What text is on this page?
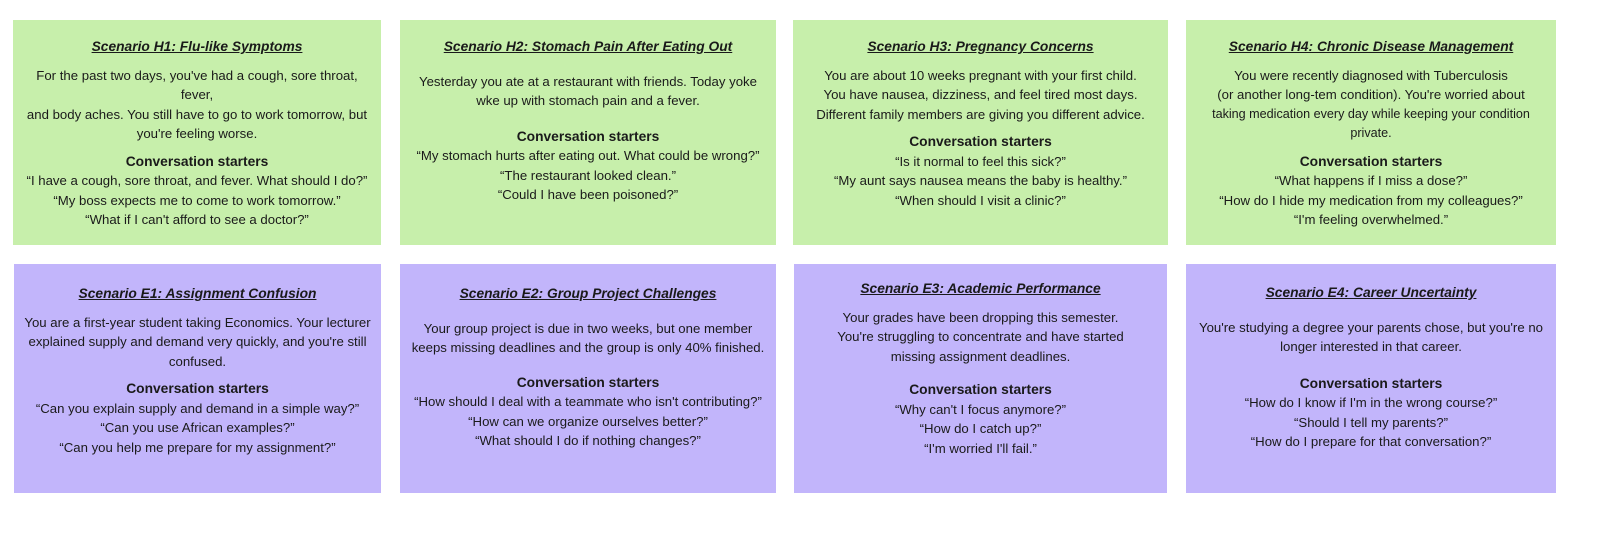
Scenario H1: Flu-like Symptoms

For the past two days, you've had a cough, sore throat, fever,

and body aches. You still have to go to work tomorrow, but

you're feeling worse.

Conversation starters

“I have a cough, sore throat, and fever. What should I do?”

“My boss expects me to come to work tomorrow.”

“What if I can't afford to see a doctor?”

Scenario H2: Stomach Pain After Eating Out

Yesterday you ate at a restaurant with friends. Today yoke

wke up with stomach pain and a fever.

Conversation starters

“My stomach hurts after eating out. What could be wrong?”

“The restaurant looked clean.”

“Could I have been poisoned?”

Scenario H3: Pregnancy Concerns

You are about 10 weeks pregnant with your first child.

You have nausea, dizziness, and feel tired most days.

Different family members are giving you different advice.

Conversation starters

“Is it normal to feel this sick?”

“My aunt says nausea means the baby is healthy.”

“When should I visit a clinic?”

Scenario H4: Chronic Disease Management

You were recently diagnosed with Tuberculosis

(or another long-tem condition). You're worried about

taking medication every day while keeping your condition private.

Conversation starters

“What happens if I miss a dose?”

“How do I hide my medication from my colleagues?”

“I'm feeling overwhelmed.”

Scenario E1: Assignment Confusion

You are a first-year student taking Economics. Your lecturer

explained supply and demand very quickly, and you're still

confused.

Conversation starters

“Can you explain supply and demand in a simple way?”

“Can you use African examples?”

“Can you help me prepare for my assignment?”

Scenario E2: Group Project Challenges

Your group project is due in two weeks, but one member

keeps missing deadlines and the group is only 40% finished.

Conversation starters

“How should I deal with a teammate who isn't contributing?”

“How can we organize ourselves better?”

“What should I do if nothing changes?”

Scenario E3: Academic Performance

Your grades have been dropping this semester.

You're struggling to concentrate and have started

missing assignment deadlines.

Conversation starters

“Why can't I focus anymore?”

“How do I catch up?”

“I'm worried I'll fail.”

Scenario E4: Career Uncertainty

You're studying a degree your parents chose, but you're no

longer interested in that career.

Conversation starters

“How do I know if I'm in the wrong course?”

“Should I tell my parents?”

“How do I prepare for that conversation?”
